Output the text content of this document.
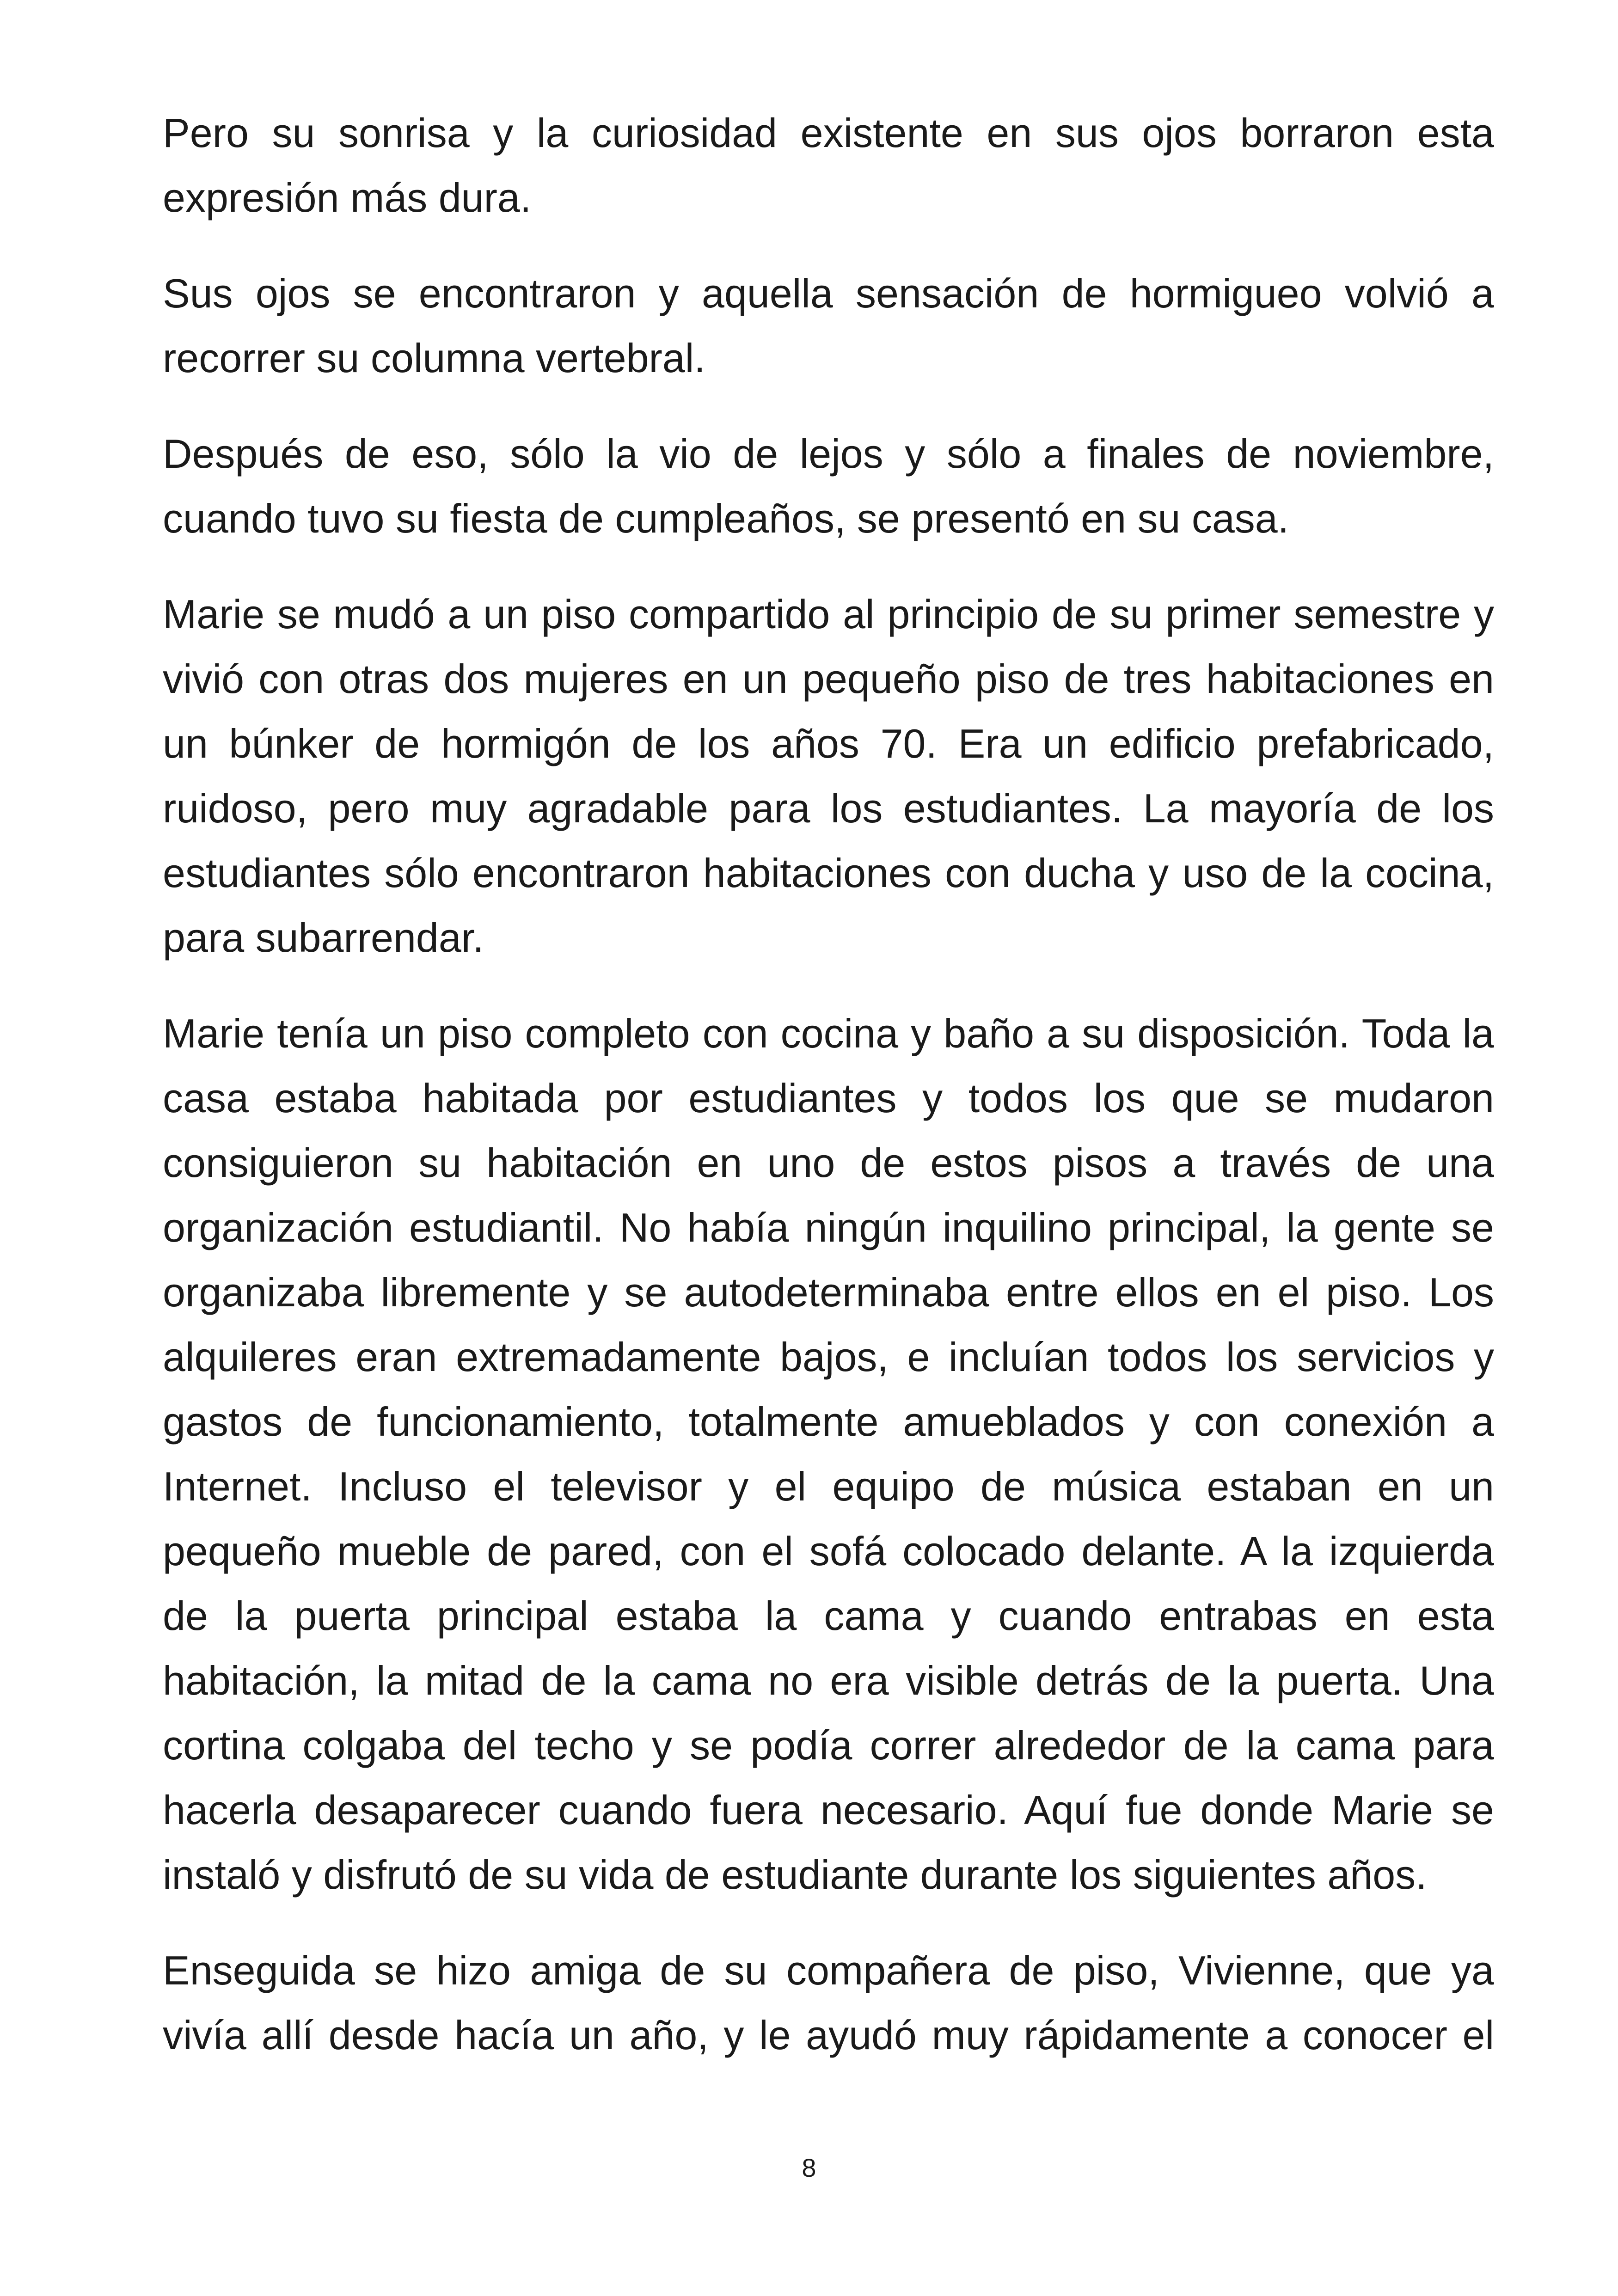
Pero su sonrisa y la curiosidad existente en sus ojos borraron esta expresión más dura.

Sus ojos se encontraron y aquella sensación de hormigueo volvió a recorrer su columna vertebral.

Después de eso, sólo la vio de lejos y sólo a finales de noviembre, cuando tuvo su fiesta de cumpleaños, se presentó en su casa.

Marie se mudó a un piso compartido al principio de su primer semestre y vivió con otras dos mujeres en un pequeño piso de tres habitaciones en un búnker de hormigón de los años 70. Era un edificio prefabricado, ruidoso, pero muy agradable para los estudiantes. La mayoría de los estudiantes sólo encontraron habitaciones con ducha y uso de la cocina, para subarrendar.

Marie tenía un piso completo con cocina y baño a su disposición. Toda la casa estaba habitada por estudiantes y todos los que se mudaron consiguieron su habitación en uno de estos pisos a través de una organización estudiantil. No había ningún inquilino principal, la gente se organizaba libremente y se autodeterminaba entre ellos en el piso. Los alquileres eran extremadamente bajos, e incluían todos los servicios y gastos de funcionamiento, totalmente amueblados y con conexión a Internet. Incluso el televisor y el equipo de música estaban en un pequeño mueble de pared, con el sofá colocado delante. A la izquierda de la puerta principal estaba la cama y cuando entrabas en esta habitación, la mitad de la cama no era visible detrás de la puerta. Una cortina colgaba del techo y se podía correr alrededor de la cama para hacerla desaparecer cuando fuera necesario. Aquí fue donde Marie se instaló y disfrutó de su vida de estudiante durante los siguientes años.

Enseguida se hizo amiga de su compañera de piso, Vivienne, que ya vivía allí desde hacía un año, y le ayudó muy rápidamente a conocer el

8
